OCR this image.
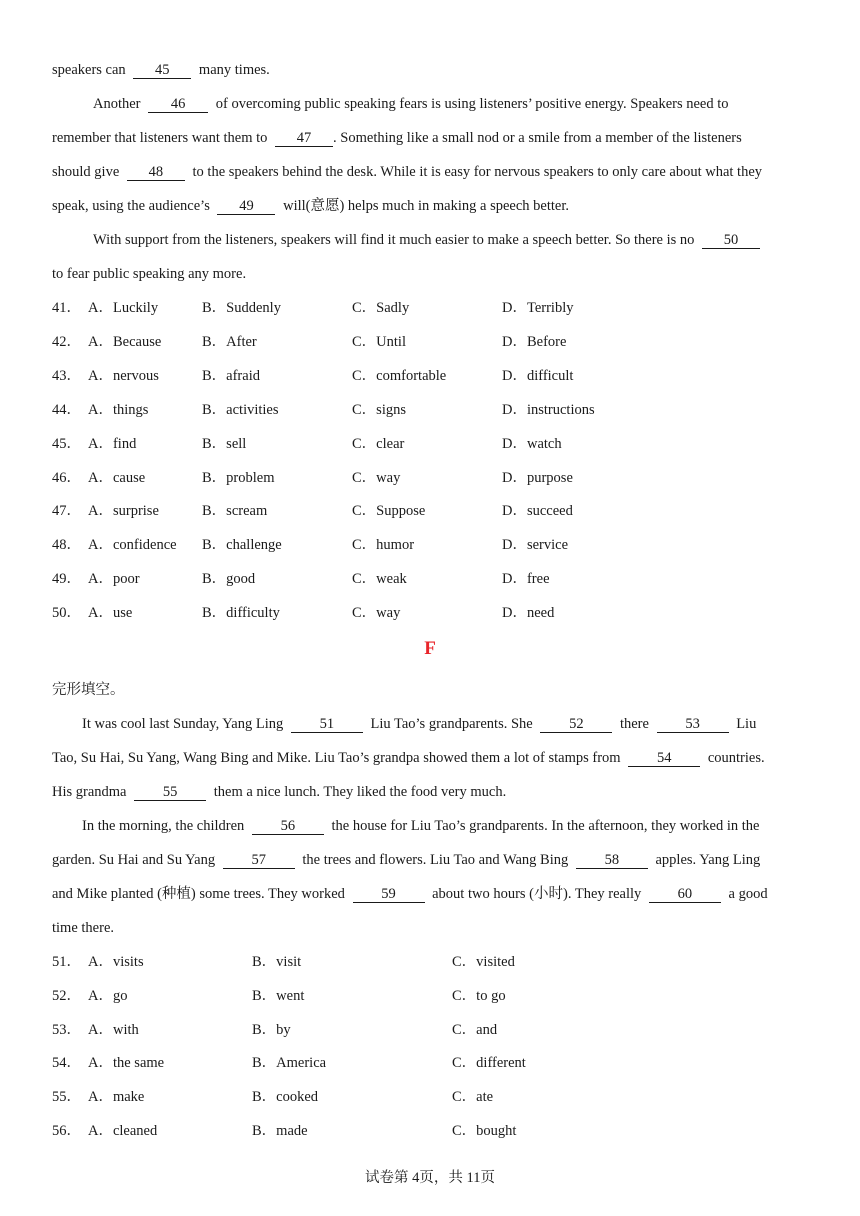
speakers can 45 many times.
Another 46 of overcoming public speaking fears is using listeners’ positive energy. Speakers need to
remember that listeners want them to 47 . Something like a small nod or a smile from a member of the listeners
should give 48 to the speakers behind the desk. While it is easy for nervous speakers to only care about what they
speak, using the audience’s 49 will(意愿) helps much in making a speech better.
With support from the listeners, speakers will find it much easier to make a speech better. So there is no 50
to fear public speaking any more.
41． A．Luckily	B．Suddenly	C．Sadly	D．Terribly
42． A．Because	B．After	C．Until	D．Before
43． A．nervous	B．afraid	C．comfortable	D．difficult
44． A．things	B．activities	C．signs	D．instructions
45． A．find	B．sell	C．clear	D．watch
46． A．cause	B．problem	C．way	D．purpose
47． A．surprise	B．scream	C．Suppose	D．succeed
48． A．confidence B．challenge	C．humor	D．service
49． A．poor	B．good	C．weak	D．free
50． A．use	B．difficulty	C．way	D．need
F
完形填空。
It was cool last Sunday, Yang Ling	51	Liu Tao’s grandparents. She	52	there	53	Liu
Tao, Su Hai, Su Yang, Wang Bing and Mike. Liu Tao’s grandpa showed them a lot of stamps from	54	countries.
His grandma	55	them a nice lunch. They liked the food very much.
In the morning, the children	56	the house for Liu Tao’s grandparents. In the afternoon, they worked in the
garden. Su Hai and Su Yang	57	the trees and flowers. Liu Tao and Wang Bing	58	apples. Yang Ling
and Mike planted (种植) some trees. They worked	59	about two hours (小时). They really	60	a good
time there.
51． A．visits	B．visit	C．visited
52． A．go	B．went	C．to go
53． A．with	B．by	C．and
54． A．the same	B．America	C．different
55． A．make	B．cooked	C．ate
56． A．cleaned	B．made	C．bought
试卷第 4页，共 11页
